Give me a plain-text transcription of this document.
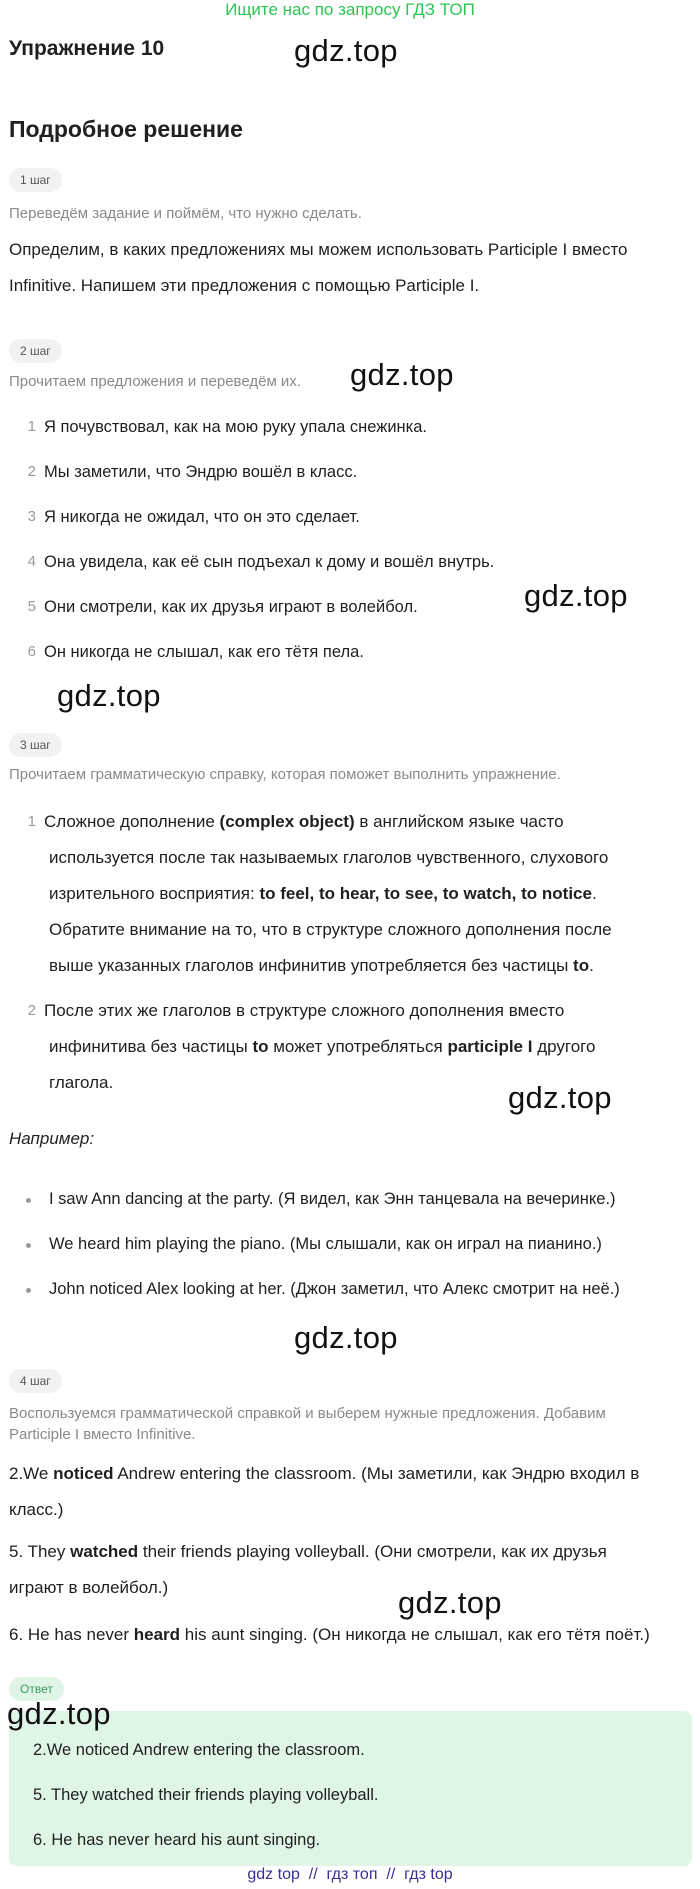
Ищите нас по запросу ГДЗ ТОП
Упражнение 10	gdz.top
Подробное решение
1 шаг
Переведём задание и поймём, что нужно сделать.
Определим, в каких предложениях мы можем использовать Participle I вместо
Infinitive. Напишем эти предложения с помощью Participle I.
2 шаг
Прочитаем предложения и переведём их. gdz.top
1 Я почувствовал, как на мою руку упала снежинка.
2 Мы заметили, что Эндрю вошёл в класс.
3 Я никогда не ожидал, что он это сделает.
4 Она увидела, как её сын подъехал к дому и вошёл внутрь.
5 Они смотрели, как их друзья играют в волейбол.	gdz.top
6 Он никогда не слышал, как его тётя пела.
gdz.top
3 шаг
Прочитаем грамматическую справку, которая поможет выполнить упражнение.
1 Сложное дополнение (complex object) в английском языке часто
используется после так называемых глаголов чувственного, слухового
изрительного восприятия: to feel, to hear, to see, to watch, to notice.
Обратите внимание на то, что в структуре сложного дополнения после
выше указанных глаголов инфинитив употребляется без частицы to.
2 После этих же глаголов в структуре сложного дополнения вместо
инфинитива без частицы to может употребляться participle I другого
глагола.	gdz.top
Например:
I saw Ann dancing at the party. (Я видел, как Энн танцевала на вечеринке.)
We heard him playing the piano. (Мы слышали, как он играл на пианино.)
John noticed Alex looking at her. (Джон заметил, что Алекс смотрит на неё.)
gdz.top
4 шаг
Воспользуемся грамматической справкой и выберем нужные предложения. Добавим
Participle I вместо Infinitive.
2.We noticed Andrew entering the classroom. (Мы заметили, как Эндрю входил в
класс.)
5. They watched their friends playing volleyball. (Они смотрели, как их друзья
играют в волейбол.)	gdz.top
6. He has never heard his aunt singing. (Он никогда не слышал, как его тётя поёт.)
Ответ
gdz.top
2.We noticed Andrew entering the classroom.
5. They watched their friends playing volleyball.
6. He has never heard his aunt singing.
gdz top  //  гдз топ  //  гдз top
